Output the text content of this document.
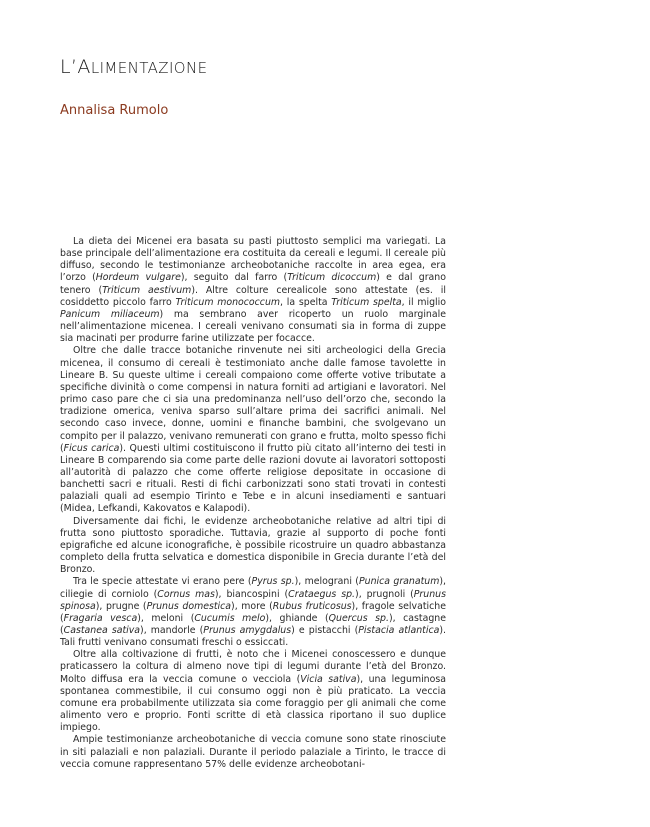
L’ALIMENTAZIONE

Annalisa Rumolo

La dieta dei Micenei era basata su pasti piuttosto semplici ma variegati. La base principale dell’alimentazione era costituita da cereali e legumi. Il cereale più diffuso, secondo le testimonianze archeobotaniche raccolte in area egea, era l’orzo (Hordeum vulgare), seguito dal farro (Triticum dicoccum) e dal grano tenero (Triticum aestivum). Altre colture cerealicole sono attestate (es. il cosiddetto piccolo farro Triticum monococcum, la spelta Triticum spelta, il miglio Panicum miliaceum) ma sembrano aver ricoperto un ruolo marginale nell’alimentazione micenea. I cereali venivano consumati sia in forma di zuppe sia macinati per produrre farine utilizzate per focacce.

Oltre che dalle tracce botaniche rinvenute nei siti archeologici della Grecia micenea, il consumo di cereali è testimoniato anche dalle famose tavolette in Lineare B. Su queste ultime i cereali compaiono come offerte votive tributate a specifiche divinità o come compensi in natura forniti ad artigiani e lavoratori. Nel primo caso pare che ci sia una predominanza nell’uso dell’orzo che, secondo la tradizione omerica, veniva sparso sull’altare prima dei sacrifici animali. Nel secondo caso invece, donne, uomini e finanche bambini, che svolgevano un compito per il palazzo, venivano remunerati con grano e frutta, molto spesso fichi (Ficus carica). Questi ultimi costituiscono il frutto più citato all’interno dei testi in Lineare B comparendo sia come parte delle razioni dovute ai lavoratori sottoposti all’autorità di palazzo che come offerte religiose depositate in occasione di banchetti sacri e rituali. Resti di fichi carbonizzati sono stati trovati in contesti palaziali quali ad esempio Tirinto e Tebe e in alcuni insediamenti e santuari (Midea, Lefkandi, Kakovatos e Kalapodi).

Diversamente dai fichi, le evidenze archeobotaniche relative ad altri tipi di frutta sono piuttosto sporadiche. Tuttavia, grazie al supporto di poche fonti epigrafiche ed alcune iconografiche, è possibile ricostruire un quadro abbastanza completo della frutta selvatica e domestica disponibile in Grecia durante l’età del Bronzo.

Tra le specie attestate vi erano pere (Pyrus sp.), melograni (Punica granatum), ciliegie di corniolo (Cornus mas), biancospini (Crataegus sp.), prugnoli (Prunus spinosa), prugne (Prunus domestica), more (Rubus fruticosus), fragole selvatiche (Fragaria vesca), meloni (Cucumis melo), ghiande (Quercus sp.), castagne (Castanea sativa), mandorle (Prunus amygdalus) e pistacchi (Pistacia atlantica). Tali frutti venivano consumati freschi o essiccati.

Oltre alla coltivazione di frutti, è noto che i Micenei conoscessero e dunque praticassero la coltura di almeno nove tipi di legumi durante l’età del Bronzo. Molto diffusa era la veccia comune o vecciola (Vicia sativa), una leguminosa spontanea commestibile, il cui consumo oggi non è più praticato. La veccia comune era probabilmente utilizzata sia come foraggio per gli animali che come alimento vero e proprio. Fonti scritte di età classica riportano il suo duplice impiego.

Ampie testimonianze archeobotaniche di veccia comune sono state rinosciute in siti palaziali e non palaziali. Durante il periodo palaziale a Tirinto, le tracce di veccia comune rappresentano 57% delle evidenze archeobotani-
